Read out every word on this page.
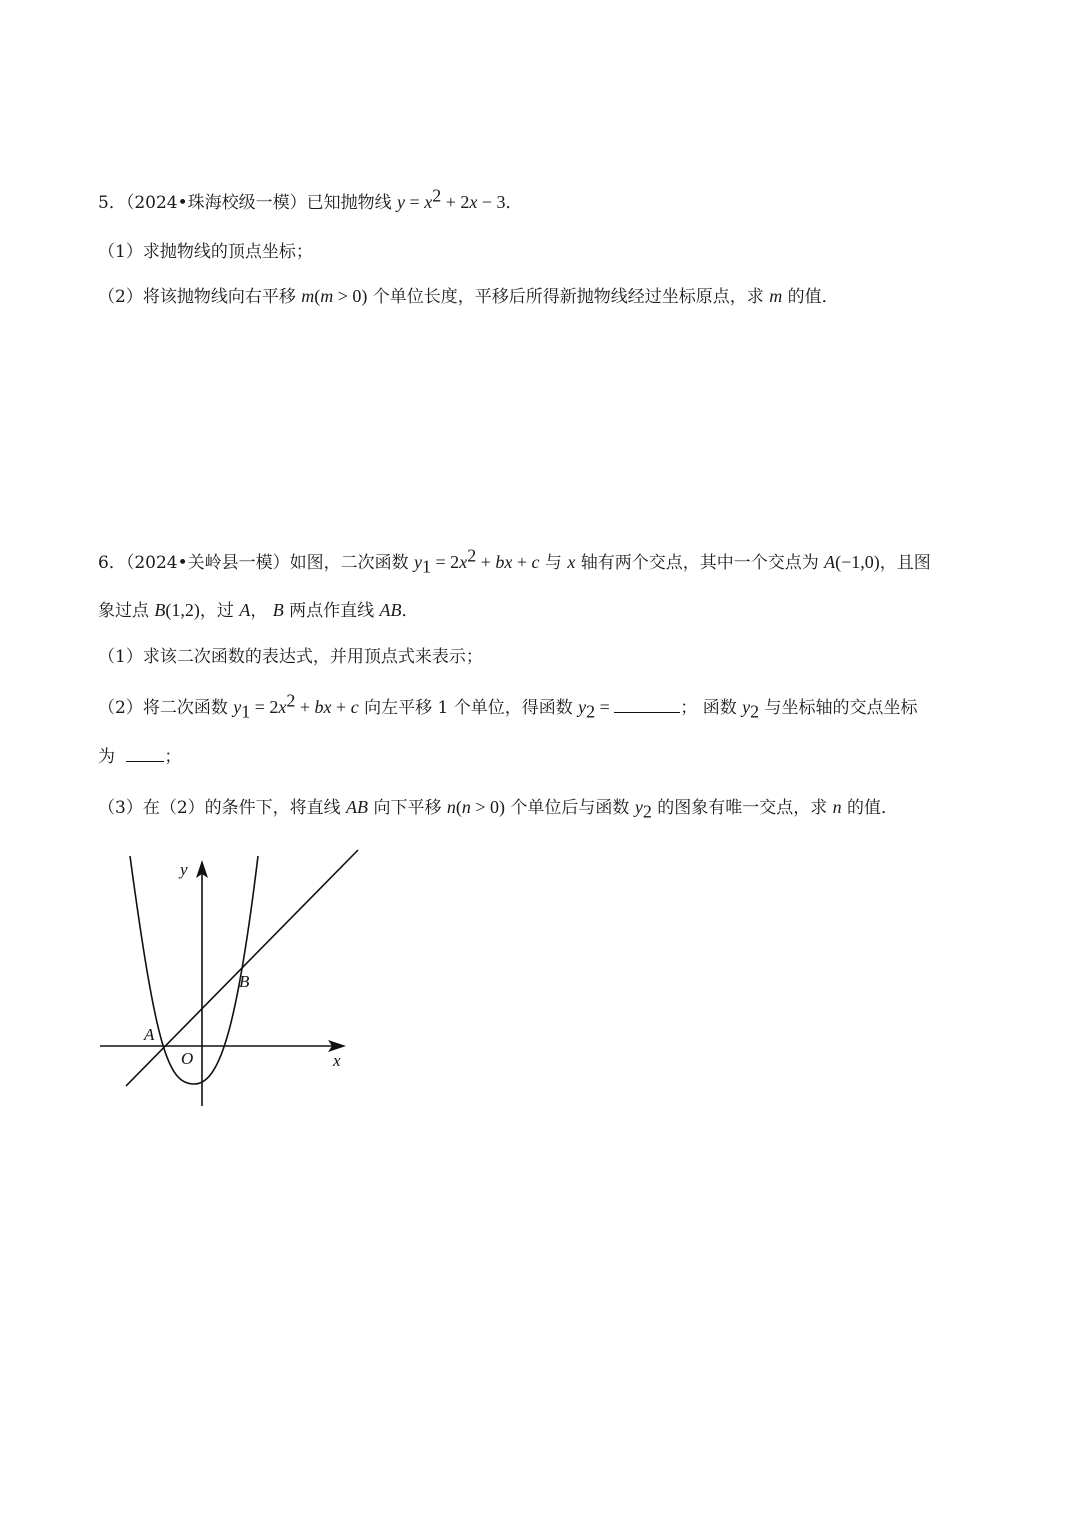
5．（2024•珠海校级一模）已知抛物线 $y = x^2 + 2x - 3$．
（1）求抛物线的顶点坐标；
（2）将该抛物线向右平移 m(m > 0) 个单位长度，平移后所得新抛物线经过坐标原点，求 m 的值．
6．（2024•关岭县一模）如图，二次函数 $y_1 = 2x^2$ + bx + c 与 x 轴有两个交点，其中一个交点为 A(−1,0)，且图
象过点 B(1,2)，过 A， B 两点作直线 AB．
（1）求该二次函数的表达式，并用顶点式来表示；
（2）将二次函数 $y_1 = 2x^2$ + bx + c 向左平移 1 个单位，得函数 $y_2$ =	； 函数 $y_2$ 与坐标轴的交点坐标
为	；
（3）在（2）的条件下，将直线 AB 向下平移 n(n > 0) 个单位后与函数 $y_2$ 的图象有唯一交点，求 n 的值．
y
x
A
B
O
